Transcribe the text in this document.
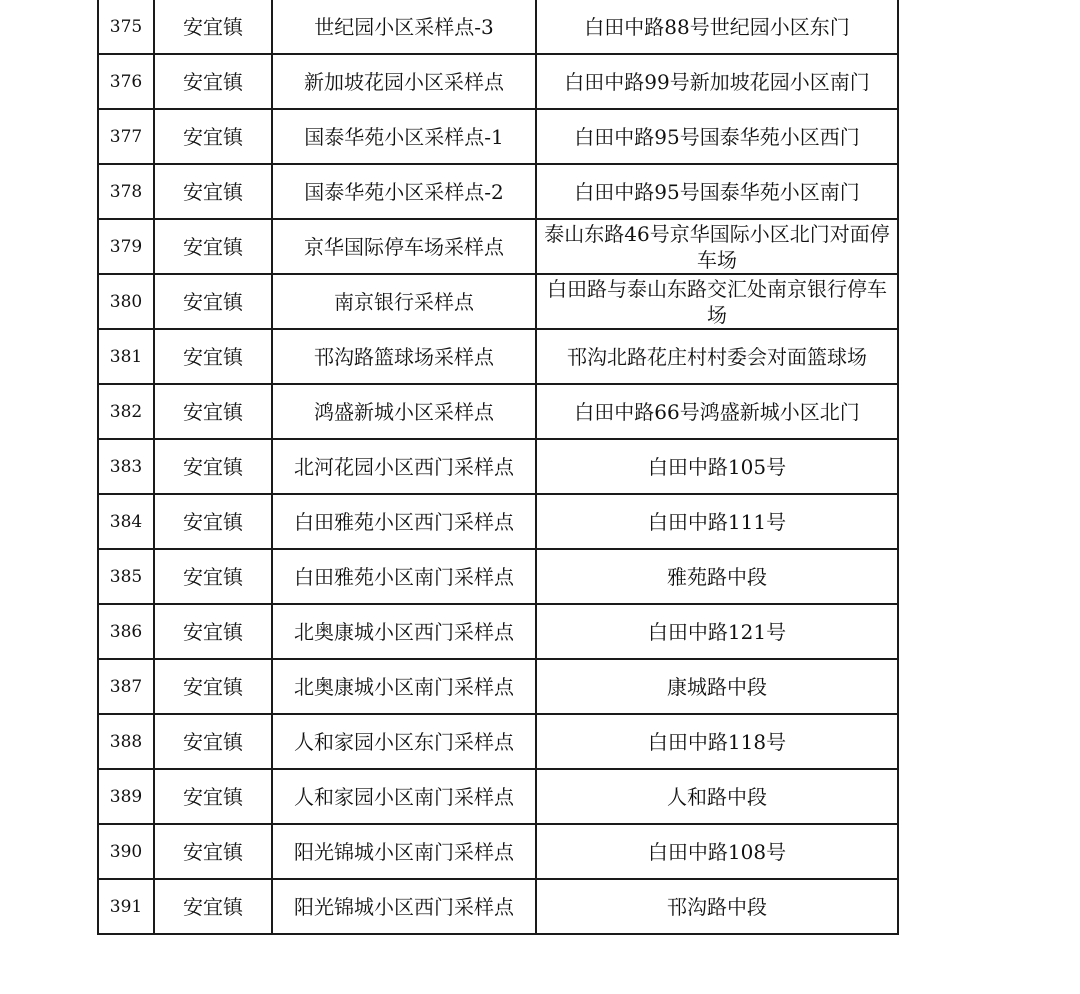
375	安宜镇	世纪园小区采样点-3	白田中路88号世纪园小区东门
376	安宜镇	新加坡花园小区采样点	白田中路99号新加坡花园小区南门
377	安宜镇	国泰华苑小区采样点-1	白田中路95号国泰华苑小区西门
378	安宜镇	国泰华苑小区采样点-2	白田中路95号国泰华苑小区南门
379	安宜镇	京华国际停车场采样点	泰山东路46号京华国际小区北门对面停车场
380	安宜镇	南京银行采样点	白田路与泰山东路交汇处南京银行停车场
381	安宜镇	邗沟路篮球场采样点	邗沟北路花庄村村委会对面篮球场
382	安宜镇	鸿盛新城小区采样点	白田中路66号鸿盛新城小区北门
383	安宜镇	北河花园小区西门采样点	白田中路105号
384	安宜镇	白田雅苑小区西门采样点	白田中路111号
385	安宜镇	白田雅苑小区南门采样点	雅苑路中段
386	安宜镇	北奥康城小区西门采样点	白田中路121号
387	安宜镇	北奥康城小区南门采样点	康城路中段
388	安宜镇	人和家园小区东门采样点	白田中路118号
389	安宜镇	人和家园小区南门采样点	人和路中段
390	安宜镇	阳光锦城小区南门采样点	白田中路108号
391	安宜镇	阳光锦城小区西门采样点	邗沟路中段
